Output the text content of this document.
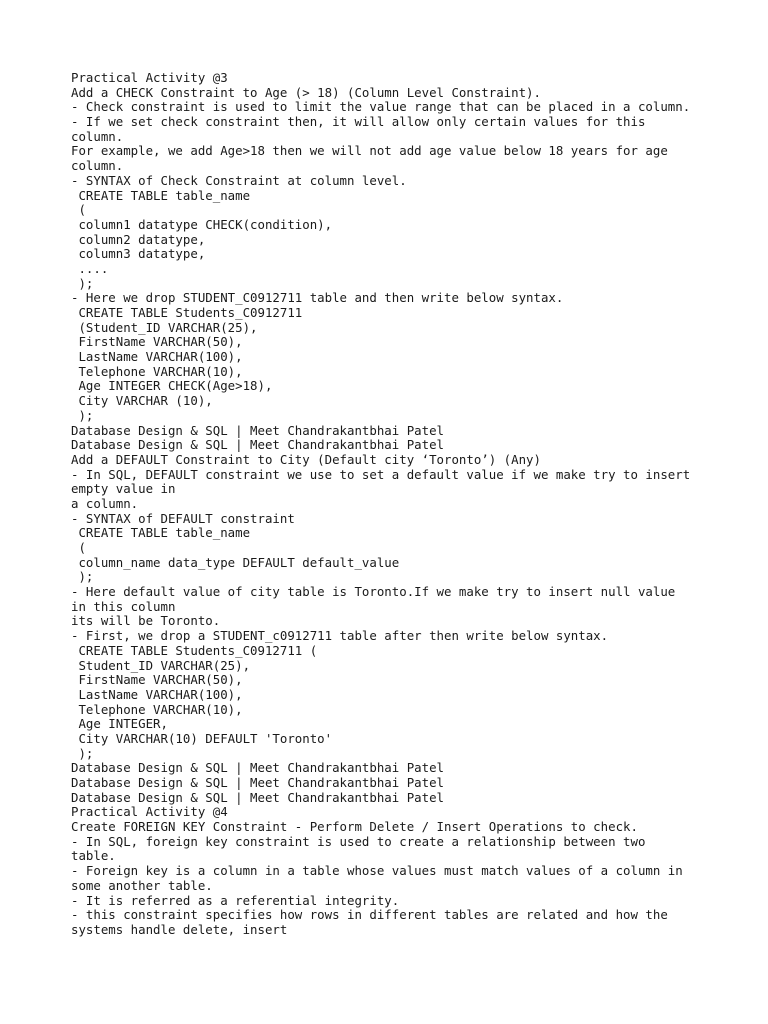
Practical Activity @3
Add a CHECK Constraint to Age (> 18) (Column Level Constraint).
- Check constraint is used to limit the value range that can be placed in a column.
- If we set check constraint then, it will allow only certain values for this
column.
For example, we add Age>18 then we will not add age value below 18 years for age
column.
- SYNTAX of Check Constraint at column level.
CREATE TABLE table_name
(
column1 datatype CHECK(condition),
column2 datatype,
column3 datatype,
....
);
- Here we drop STUDENT_C0912711 table and then write below syntax.
CREATE TABLE Students_C0912711
(Student_ID VARCHAR(25),
FirstName VARCHAR(50),
LastName VARCHAR(100),
Telephone VARCHAR(10),
Age INTEGER CHECK(Age>18),
City VARCHAR (10),
);
Database Design & SQL | Meet Chandrakantbhai Patel
Database Design & SQL | Meet Chandrakantbhai Patel
Add a DEFAULT Constraint to City (Default city ‘Toronto’) (Any)
- In SQL, DEFAULT constraint we use to set a default value if we make try to insert
empty value in
a column.
- SYNTAX of DEFAULT constraint
CREATE TABLE table_name
(
column_name data_type DEFAULT default_value
);
- Here default value of city table is Toronto.If we make try to insert null value
in this column
its will be Toronto.
- First, we drop a STUDENT_c0912711 table after then write below syntax.
CREATE TABLE Students_C0912711 (
Student_ID VARCHAR(25),
FirstName VARCHAR(50),
LastName VARCHAR(100),
Telephone VARCHAR(10),
Age INTEGER,
City VARCHAR(10) DEFAULT 'Toronto'
);
Database Design & SQL | Meet Chandrakantbhai Patel
Database Design & SQL | Meet Chandrakantbhai Patel
Database Design & SQL | Meet Chandrakantbhai Patel
Practical Activity @4
Create FOREIGN KEY Constraint - Perform Delete / Insert Operations to check.
- In SQL, foreign key constraint is used to create a relationship between two
table.
- Foreign key is a column in a table whose values must match values of a column in
some another table.
- It is referred as a referential integrity.
- this constraint specifies how rows in different tables are related and how the
systems handle delete, insert
